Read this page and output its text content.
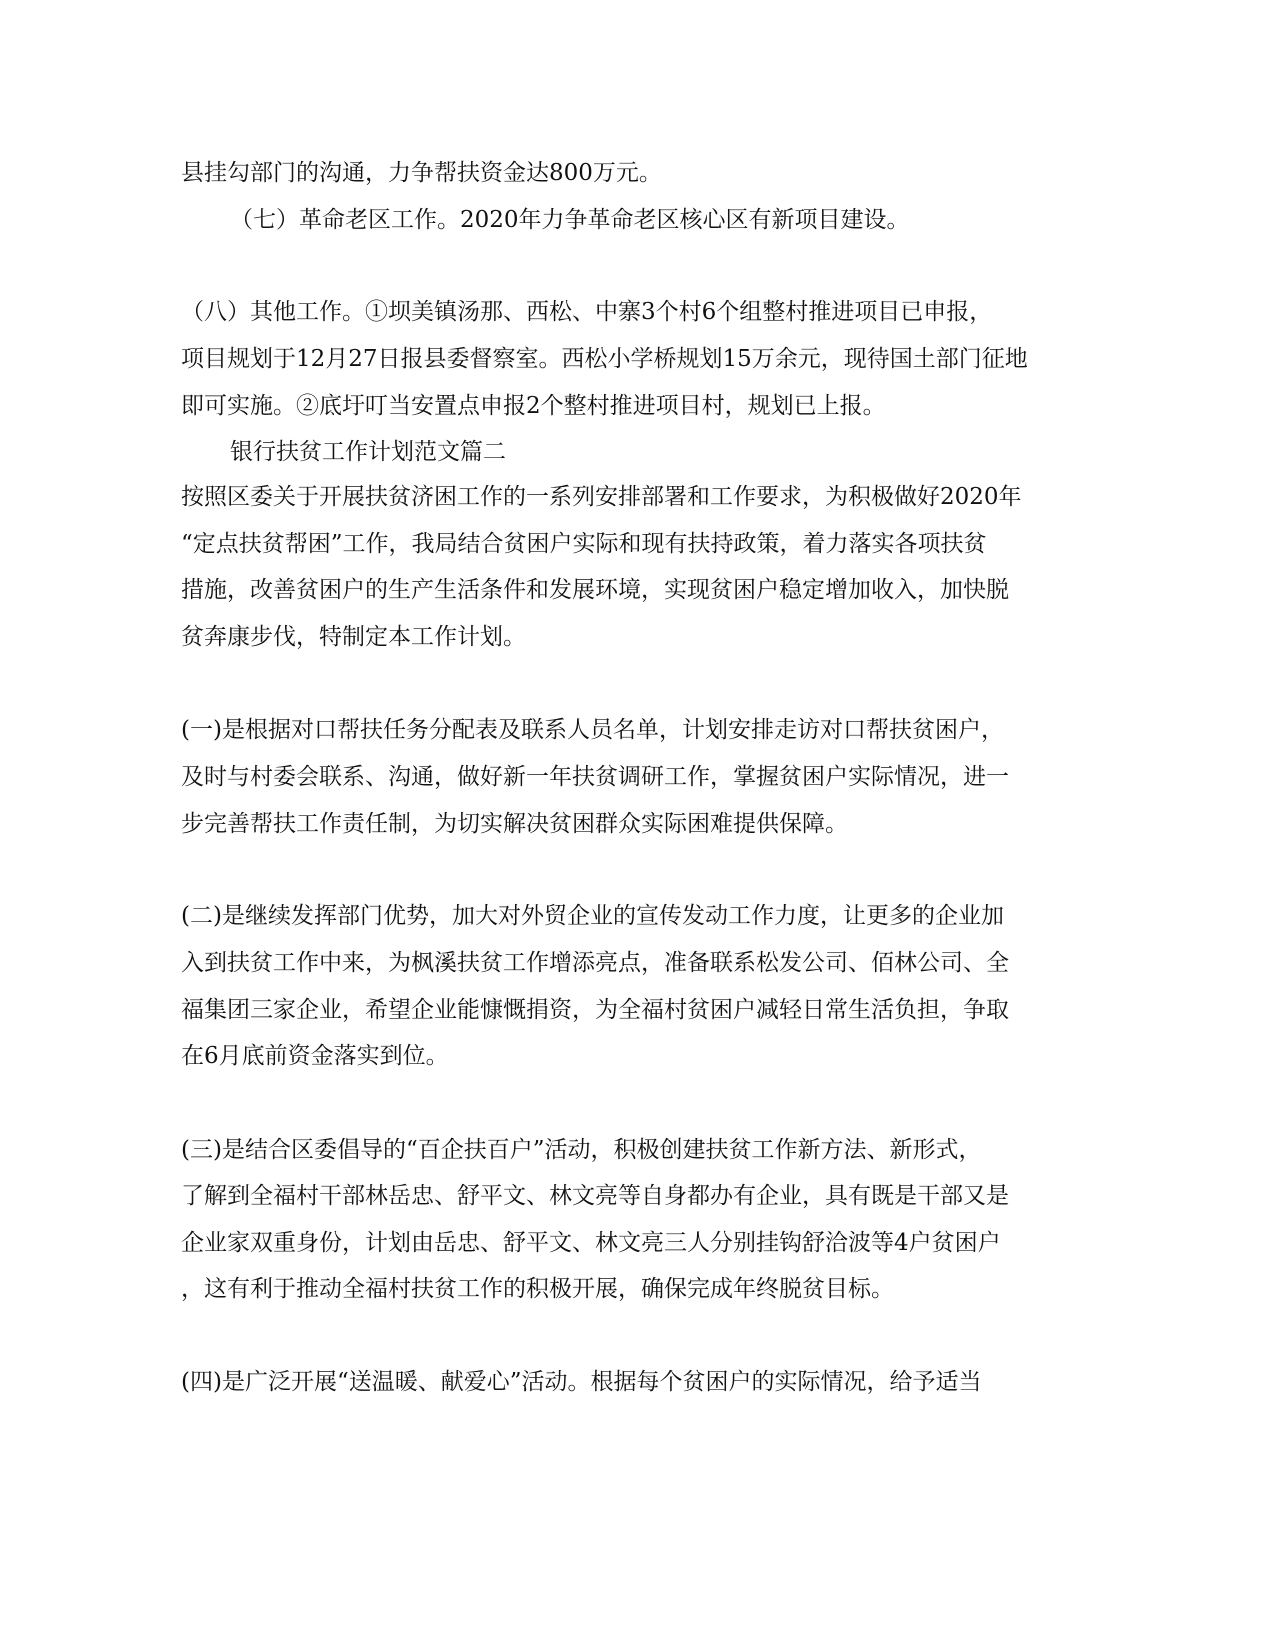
县挂勾部门的沟通，力争帮扶资金达800万元。
（七）革命老区工作。2020年力争革命老区核心区有新项目建设。
（八）其他工作。①坝美镇汤那、西松、中寨3个村6个组整村推进项目已申报，
项目规划于12月27日报县委督察室。西松小学桥规划15万余元，现待国土部门征地
即可实施。②底圩叮当安置点申报2个整村推进项目村，规划已上报。
银行扶贫工作计划范文篇二
按照区委关于开展扶贫济困工作的一系列安排部署和工作要求，为积极做好2020年
“定点扶贫帮困”工作，我局结合贫困户实际和现有扶持政策，着力落实各项扶贫
措施，改善贫困户的生产生活条件和发展环境，实现贫困户稳定增加收入，加快脱
贫奔康步伐，特制定本工作计划。
(一)是根据对口帮扶任务分配表及联系人员名单，计划安排走访对口帮扶贫困户，
及时与村委会联系、沟通，做好新一年扶贫调研工作，掌握贫困户实际情况，进一
步完善帮扶工作责任制，为切实解决贫困群众实际困难提供保障。
(二)是继续发挥部门优势，加大对外贸企业的宣传发动工作力度，让更多的企业加
入到扶贫工作中来，为枫溪扶贫工作增添亮点，准备联系松发公司、佰林公司、全
福集团三家企业，希望企业能慷慨捐资，为全福村贫困户减轻日常生活负担，争取
在6月底前资金落实到位。
(三)是结合区委倡导的“百企扶百户”活动，积极创建扶贫工作新方法、新形式，
了解到全福村干部林岳忠、舒平文、林文亮等自身都办有企业，具有既是干部又是
企业家双重身份，计划由岳忠、舒平文、林文亮三人分别挂钩舒洽波等4户贫困户
，这有利于推动全福村扶贫工作的积极开展，确保完成年终脱贫目标。
(四)是广泛开展“送温暖、献爱心”活动。根据每个贫困户的实际情况，给予适当
